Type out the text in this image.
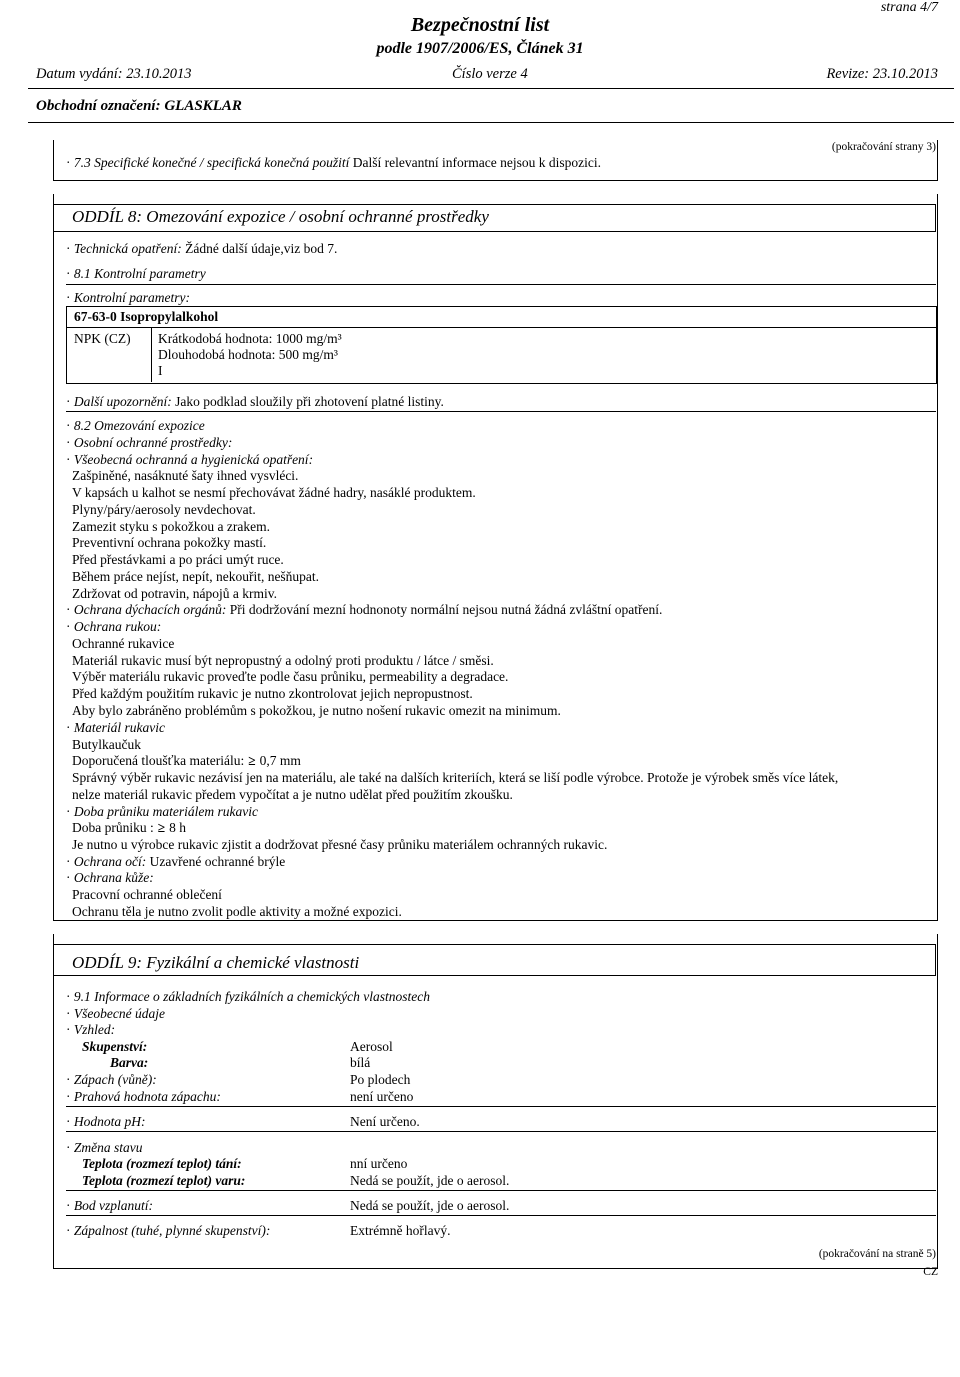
strana 4/7
Bezpečnostní list
podle 1907/2006/ES, Článek 31
Datum vydání: 23.10.2013	Číslo verze 4	Revize: 23.10.2013
Obchodní označení: GLASKLAR
(pokračování strany 3)
· 7.3 Specifické konečné / specifická konečná použití Další relevantní informace nejsou k dispozici.
ODDÍL 8: Omezování expozice / osobní ochranné prostředky
· Technická opatření: Žádné další údaje,viz bod 7.
· 8.1 Kontrolní parametry
· Kontrolní parametry:
67-63-0 Isopropylalkohol
NPK (CZ) Krátkodobá hodnota: 1000 mg/m³
Dlouhodobá hodnota: 500 mg/m³
I
· Další upozornění: Jako podklad sloužily při zhotovení platné listiny.
· 8.2 Omezování expozice
· Osobní ochranné prostředky:
· Všeobecná ochranná a hygienická opatření:
Zašpiněné, nasáknuté šaty ihned vysvléci.
V kapsách u kalhot se nesmí přechovávat žádné hadry, nasáklé produktem.
Plyny/páry/aerosoly nevdechovat.
Zamezit styku s pokožkou a zrakem.
Preventivní ochrana pokožky mastí.
Před přestávkami a po práci umýt ruce.
Během práce nejíst, nepít, nekouřit, nešňupat.
Zdržovat od potravin, nápojů a krmiv.
· Ochrana dýchacích orgánů: Při dodržování mezní hodnonoty normální nejsou nutná žádná zvláštní opatření.
· Ochrana rukou:
Ochranné rukavice
Materiál rukavic musí být nepropustný a odolný proti produktu / látce / směsi.
Výběr materiálu rukavic proveďte podle času průniku, permeability a degradace.
Před každým použitím rukavic je nutno zkontrolovat jejich nepropustnost.
Aby bylo zabráněno problémům s pokožkou, je nutno nošení rukavic omezit na minimum.
· Materiál rukavic
Butylkaučuk
Doporučená tloušťka materiálu: ≥ 0,7 mm
Správný výběr rukavic nezávisí jen na materiálu, ale také na dalších kriteriích, která se liší podle výrobce. Protože je výrobek směs více látek,
nelze materiál rukavic předem vypočítat a je nutno udělat před použitím zkoušku.
· Doba průniku materiálem rukavic
Doba průniku : ≥ 8 h
Je nutno u výrobce rukavic zjistit a dodržovat přesné časy průniku materiálem ochranných rukavic.
· Ochrana očí: Uzavřené ochranné brýle
· Ochrana kůže:
Pracovní ochranné oblečení
Ochranu těla je nutno zvolit podle aktivity a možné expozici.
ODDÍL 9: Fyzikální a chemické vlastnosti
· 9.1 Informace o základních fyzikálních a chemických vlastnostech
· Všeobecné údaje
· Vzhled:
Skupenství:	Aerosol
Barva:	bílá
· Zápach (vůně):	Po plodech
· Prahová hodnota zápachu:	není určeno
· Hodnota pH:	Není určeno.
· Změna stavu
Teplota (rozmezí teplot) tání:	nní určeno
Teplota (rozmezí teplot) varu:	Nedá se použít, jde o aerosol.
· Bod vzplanutí:	Nedá se použít, jde o aerosol.
· Zápalnost (tuhé, plynné skupenství):	Extrémně hořlavý.
(pokračování na straně 5)
CZ
